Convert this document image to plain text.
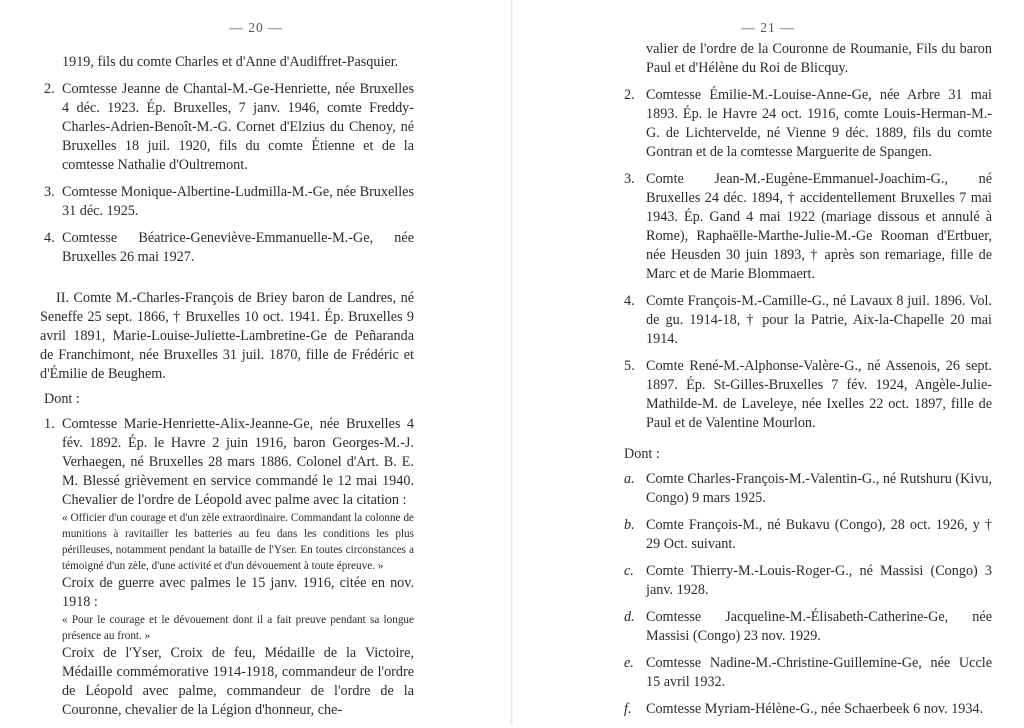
— 20 —

1919, fils du comte Charles et d'Anne d'Audiffret-Pasquier.

2. Comtesse Jeanne de Chantal-M.-Ge-Henriette, née Bruxelles 4 déc. 1923. Ép. Bruxelles, 7 janv. 1946, comte Freddy-Charles-Adrien-Benoît-M.-G. Cornet d'Elzius du Chenoy, né Bruxelles 18 juil. 1920, fils du comte Étienne et de la comtesse Nathalie d'Oultremont.

3. Comtesse Monique-Albertine-Ludmilla-M.-Ge, née Bruxelles 31 déc. 1925.

4. Comtesse Béatrice-Geneviève-Emmanuelle-M.-Ge, née Bruxelles 26 mai 1927.

II. Comte M.-Charles-François de Briey baron de Landres, né Seneffe 25 sept. 1866, † Bruxelles 10 oct. 1941. Ép. Bruxelles 9 avril 1891, Marie-Louise-Juliette-Lambretine-Ge de Peñaranda de Franchimont, née Bruxelles 31 juil. 1870, fille de Frédéric et d'Émilie de Beughem.

Dont :

1. Comtesse Marie-Henriette-Alix-Jeanne-Ge, née Bruxelles 4 fév. 1892. Ép. le Havre 2 juin 1916, baron Georges-M.-J. Verhaegen, né Bruxelles 28 mars 1886. Colonel d'Art. B. E. M. Blessé grièvement en service commandé le 12 mai 1940. Chevalier de l'ordre de Léopold avec palme avec la citation :

« Officier d'un courage et d'un zèle extraordinaire. Commandant la colonne de munitions à ravitailler les batteries au feu dans les conditions les plus périlleuses, notamment pendant la bataille de l'Yser. En toutes circonstances a témoigné d'un zèle, d'une activité et d'un dévouement à toute épreuve. »

Croix de guerre avec palmes le 15 janv. 1916, citée en nov. 1918 :

« Pour le courage et le dévouement dont il a fait preuve pendant sa longue présence au front. »

Croix de l'Yser, Croix de feu, Médaille de la Victoire, Médaille commémorative 1914-1918, commandeur de l'ordre de Léopold avec palme, commandeur de l'ordre de la Couronne, chevalier de la Légion d'honneur, che-

— 21 —

valier de l'ordre de la Couronne de Roumanie, Fils du baron Paul et d'Hélène du Roi de Blicquy.

2. Comtesse Émilie-M.-Louise-Anne-Ge, née Arbre 31 mai 1893. Ép. le Havre 24 oct. 1916, comte Louis-Herman-M.-G. de Lichtervelde, né Vienne 9 déc. 1889, fils du comte Gontran et de la comtesse Marguerite de Spangen.

3. Comte Jean-M.-Eugène-Emmanuel-Joachim-G., né Bruxelles 24 déc. 1894, † accidentellement Bruxelles 7 mai 1943. Ép. Gand 4 mai 1922 (mariage dissous et annulé à Rome), Raphaëlle-Marthe-Julie-M.-Ge Rooman d'Ertbuer, née Heusden 30 juin 1893, † après son remariage, fille de Marc et de Marie Blommaert.

4. Comte François-M.-Camille-G., né Lavaux 8 juil. 1896. Vol. de gu. 1914-18, † pour la Patrie, Aix-la-Chapelle 20 mai 1914.

5. Comte René-M.-Alphonse-Valère-G., né Assenois, 26 sept. 1897. Ép. St-Gilles-Bruxelles 7 fév. 1924, Angèle-Julie-Mathilde-M. de Laveleye, née Ixelles 22 oct. 1897, fille de Paul et de Valentine Mourlon.

Dont :

a. Comte Charles-François-M.-Valentin-G., né Rutshuru (Kivu, Congo) 9 mars 1925.

b. Comte François-M., né Bukavu (Congo), 28 oct. 1926, y † 29 Oct. suivant.

c. Comte Thierry-M.-Louis-Roger-G., né Massisi (Congo) 3 janv. 1928.

d. Comtesse Jacqueline-M.-Élisabeth-Catherine-Ge, née Massisi (Congo) 23 nov. 1929.

e. Comtesse Nadine-M.-Christine-Guillemine-Ge, née Uccle 15 avril 1932.

f.	Comtesse Myriam-Hélène-G., née Schaerbeek 6 nov. 1934.
